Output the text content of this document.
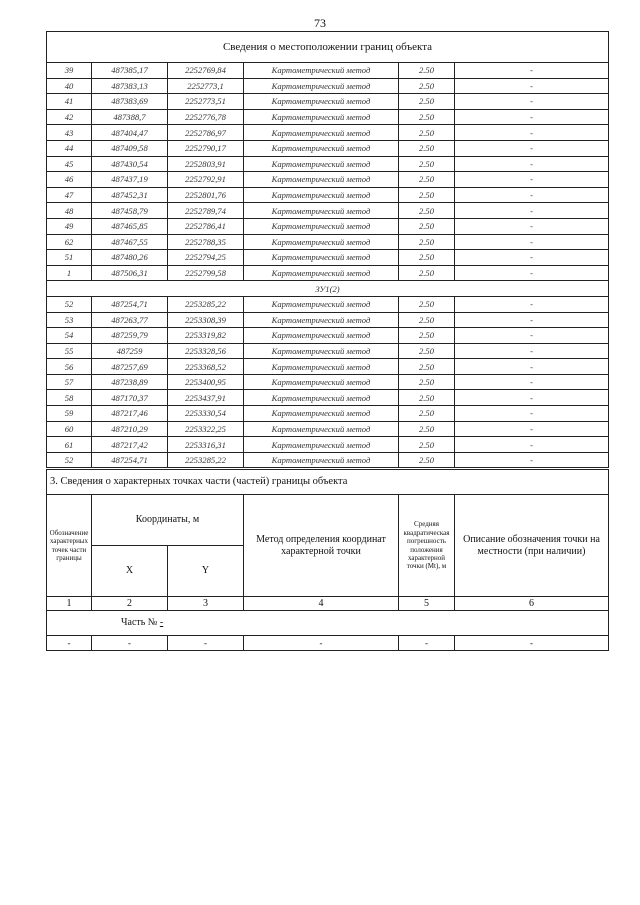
73
Сведения о местоположении границ объекта					
39	487385,17	2252769,84	Картометрический метод	2.50	-
40	487383,13	2252773,1	Картометрический метод	2.50	-
41	487383,69	2252773,51	Картометрический метод	2.50	-
42	487388,7	2252776,78	Картометрический метод	2.50	-
43	487404,47	2252786,97	Картометрический метод	2.50	-
44	487409,58	2252790,17	Картометрический метод	2.50	-
45	487430,54	2252803,91	Картометрический метод	2.50	-
46	487437,19	2252792,91	Картометрический метод	2.50	-
47	487452,31	2252801,76	Картометрический метод	2.50	-
48	487458,79	2252789,74	Картометрический метод	2.50	-
49	487465,85	2252786,41	Картометрический метод	2.50	-
62	487467,55	2252788,35	Картометрический метод	2.50	-
51	487480,26	2252794,25	Картометрический метод	2.50	-
1	487506,31	2252799,58	Картометрический метод	2.50	-
ЗУ1(2)					
52	487254,71	2253285,22	Картометрический метод	2.50	-
53	487263,77	2253308,39	Картометрический метод	2.50	-
54	487259,79	2253319,82	Картометрический метод	2.50	-
55	487259	2253328,56	Картометрический метод	2.50	-
56	487257,69	2253368,52	Картометрический метод	2.50	-
57	487238,89	2253400,95	Картометрический метод	2.50	-
58	487170,37	2253437,91	Картометрический метод	2.50	-
59	487217,46	2253330,54	Картометрический метод	2.50	-
60	487210,29	2253322,25	Картометрический метод	2.50	-
61	487217,42	2253316,31	Картометрический метод	2.50	-
52	487254,71	2253285,22	Картометрический метод	2.50	-
3. Сведения о характерных точках части (частей) границы объекта					
Обозначение характерных точек части границы	Координаты, м		Метод определения координат характерной точки	Средняя квадратическая погрешность положения характерной точки (Mt), м	Описание обозначения точки на местности (при наличии)
	X	Y			
1	2	3	4	5	6
Часть № -					
-	-	-	-	-	-
